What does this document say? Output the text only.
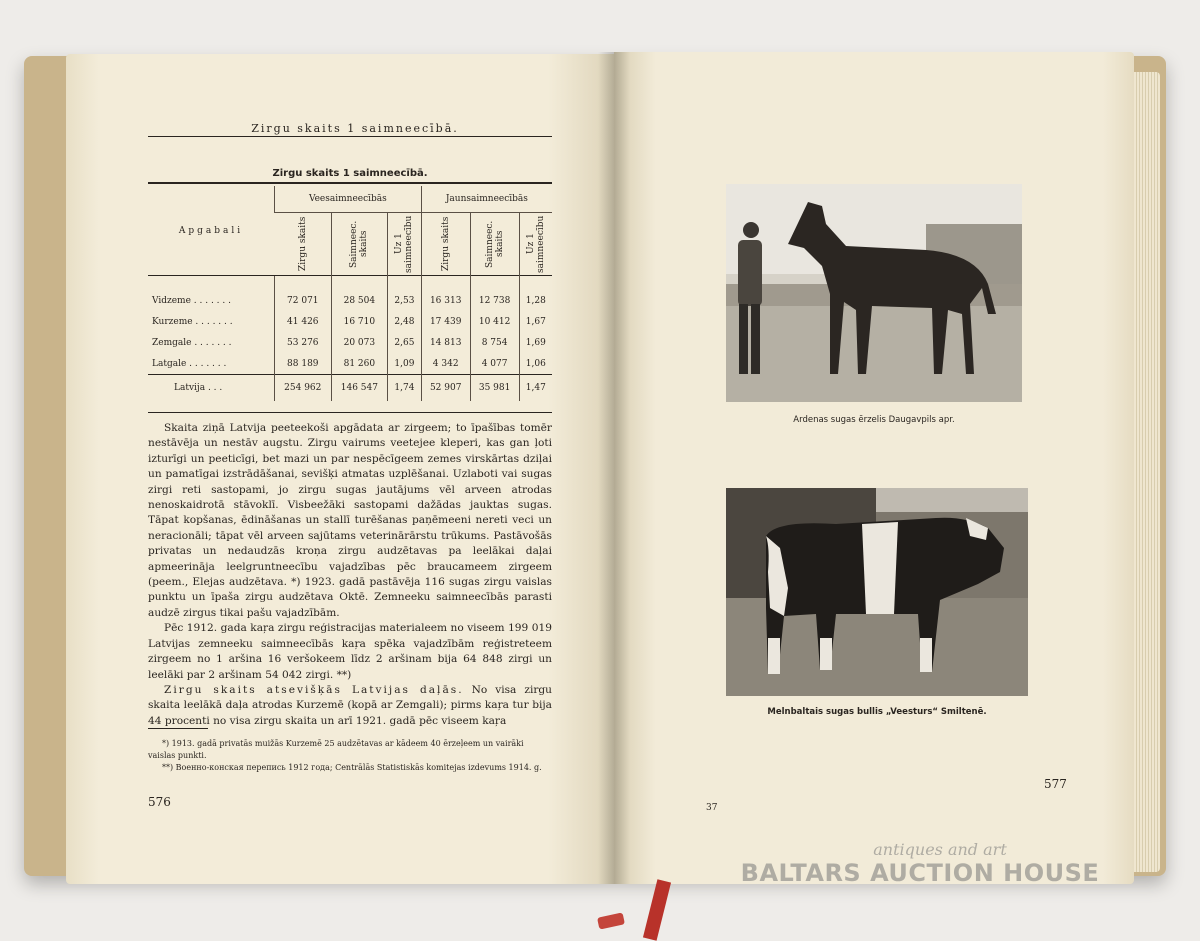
Zirgu skaits 1 saimneecībā.
Zirgu skaits 1 saimneecībā.
Apgabali	Veesaimneecībās			Jaunsaimneecībās		

	Zirgu skaits	Saimneec. skaits	Uz 1 saimneecību	Zirgu skaits	Saimneec. skaits	Uz 1 saimneecību

Vidzeme . . . . . . .	72 071	28 504	2,53	16 313	12 738	1,28
Kurzeme . . . . . . .	41 426	16 710	2,48	17 439	10 412	1,67
Zemgale . . . . . . .	53 276	20 073	2,65	14 813	8 754	1,69
Latgale . . . . . . .	88 189	81 260	1,09	4 342	4 077	1,06
Latvija . . .	254 962	146 547	1,74	52 907	35 981	1,47

Skaita ziņā Latvija peeteekoši apgādata ar zirgeem; to īpašības tomēr nestāvēja un nestāv augstu. Zirgu vairums veetejee kleperi, kas gan ļoti izturīgi un peeticīgi, bet mazi un par nespēcīgeem zemes virskārtas dziļai un pamatīgai izstrādāšanai, sevišķi atmatas uzplēšanai. Uzlaboti vai sugas zirgi reti sastopami, jo zirgu sugas jautājums vēl arveen atrodas nenoskaidrotā stāvoklī. Visbeežāki sastopami dažādas jauktas sugas. Tāpat kopšanas, ēdināšanas un stallī turēšanas paņēmeeni nereti veci un neracionāli; tāpat vēl arveen sajūtams veterinārārstu trūkums. Pastāvošās privatas un nedaudzās kroņa zirgu audzētavas pa leelākai daļai apmeerināja leelgruntneecību vajadzības pēc braucameem zirgeem (peem., Elejas audzētava. *) 1923. gadā pastāvēja 116 sugas zirgu vaislas punktu un īpaša zirgu audzētava Oktē. Zemneeku saimneecībās parasti audzē zirgus tikai pašu vajadzībām.

Pēc 1912. gada kaŗa zirgu reģistracijas materialeem no viseem 199 019 Latvijas zemneeku saimneecībās kaŗa spēka vajadzībām reģistreteem zirgeem no 1 aršina 16 veršokeem līdz 2 aršinam bija 64 848 zirgi un leelāki par 2 aršinam 54 042 zirgi. **)

Zirgu skaits atsevišķās Latvijas daļās. No visa zirgu skaita leelākā daļa atrodas Kurzemē (kopā ar Zemgali); pirms kaŗa tur bija 44 procenti no visa zirgu skaita un arī 1921. gadā pēc viseem kaŗa

*) 1913. gadā privatās muižās Kurzemē 25 audzētavas ar kādeem 40 ērzeļeem un vairāki vaislas punkti.
**) Военно-конская перепись 1912 года; Centrālās Statistiskās komitejas izdevums 1914. g.
576
Ardenas sugas ērzelis Daugavpils apr.
Melnbaltais sugas bullis „Veesturs“ Smiltenē.
37
577
antiques and art
BALTARS AUCTION HOUSE
